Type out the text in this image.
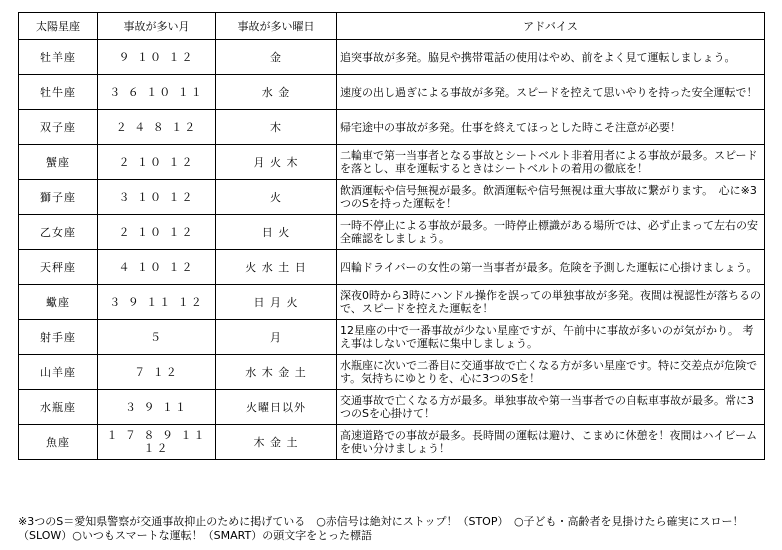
太陽星座	事故が多い月	事故が多い曜日	アドバイス
牡羊座	９ １０ １２	金	追突事故が多発。脇見や携帯電話の使用はやめ、前をよく見て運転しましょう。
牡牛座	３ ６ １０ １１	水 金	速度の出し過ぎによる事故が多発。スピードを控えて思いやりを持った安全運転で！
双子座	２ ４ ８ １２	木	帰宅途中の事故が多発。仕事を終えてほっとした時こそ注意が必要！
蟹座	２ １０ １２	月 火 木	二輪車で第一当事者となる事故とシートベルト非着用者による事故が最多。スピードを落とし、車を運転するときはシートベルトの着用の徹底を！
獅子座	３ １０ １２	火	飲酒運転や信号無視が最多。飲酒運転や信号無視は重大事故に繋がります。　心に※3つのSを持った運転を！
乙女座	２ １０ １２	日 火	一時不停止による事故が最多。一時停止標識がある場所では、必ず止まって左右の安全確認をしましょう。
天秤座	４ １０ １２	火 水 土 日	四輪ドライバーの女性の第一当事者が最多。危険を予測した運転に心掛けましょう。
蠍座	３ ９ １１ １２	日 月 火	深夜0時から3時にハンドル操作を誤っての単独事故が多発。夜間は視認性が落ちるので、スピードを控えた運転を！
射手座	５	月	12星座の中で一番事故が少ない星座ですが、午前中に事故が多いのが気がかり。 考え事はしないで運転に集中しましょう。
山羊座	７ １２	水 木 金 土	水瓶座に次いで二番目に交通事故で亡くなる方が多い星座です。特に交差点が危険です。気持ちにゆとりを、心に3つのSを！
水瓶座	３ ９ １１	火曜日以外	交通事故で亡くなる方が最多。単独事故や第一当事者での自転車事故が最多。常に3つのSを心掛けて！
魚座	１ ７ ８ ９ １１ １２	木 金 土	高速道路での事故が最多。長時間の運転は避け、こまめに休憩を！夜間はハイビームを使い分けましょう！
※3つのS＝愛知県警察が交通事故抑止のために掲げている　○赤信号は絶対にストップ！（STOP）　○子ども・高齢者を見掛けたら確実にスロー！（SLOW）○いつもスマートな運転！（SMART）の頭文字をとった標語
